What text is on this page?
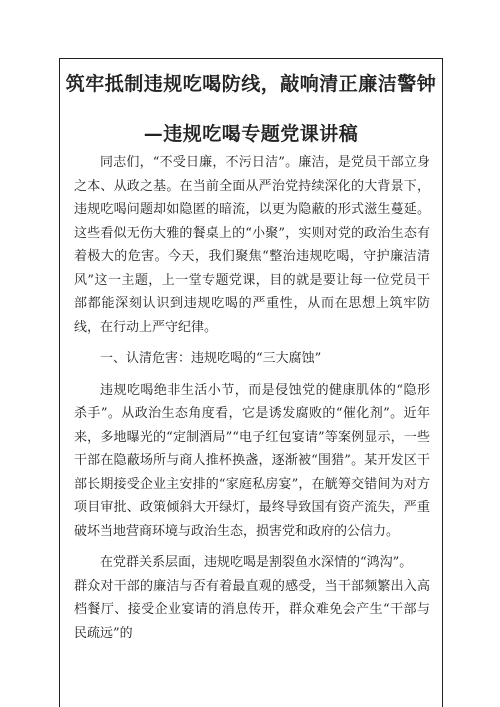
筑牢抵制违规吃喝防线，敲响清正廉洁警钟
—违规吃喝专题党课讲稿

同志们，“不受日廉，不污日洁”。廉洁，是党员干部立身之本、从政之基。在当前全面从严治党持续深化的大背景下，违规吃喝问题却如隐匿的暗流，以更为隐蔽的形式滋生蔓延。这些看似无伤大雅的餐桌上的“小聚”，实则对党的政治生态有着极大的危害。今天，我们聚焦“整治违规吃喝，守护廉洁清风”这一主题，上一堂专题党课，目的就是要让每一位党员干部都能深刻认识到违规吃喝的严重性，从而在思想上筑牢防线，在行动上严守纪律。

一、认清危害：违规吃喝的“三大腐蚀”

违规吃喝绝非生活小节，而是侵蚀党的健康肌体的“隐形杀手”。从政治生态角度看，它是诱发腐败的“催化剂”。近年来，多地曝光的“定制酒局”“电子红包宴请”等案例显示，一些干部在隐蔽场所与商人推杯换盏，逐渐被“围猎”。某开发区干部长期接受企业主安排的“家庭私房宴”，在觥筹交错间为对方项目审批、政策倾斜大开绿灯，最终导致国有资产流失，严重破坏当地营商环境与政治生态，损害党和政府的公信力。

在党群关系层面，违规吃喝是割裂鱼水深情的“鸿沟”。

群众对干部的廉洁与否有着最直观的感受，当干部频繁出入高档餐厅、接受企业宴请的消息传开，群众难免会产生“干部与民疏远”的
